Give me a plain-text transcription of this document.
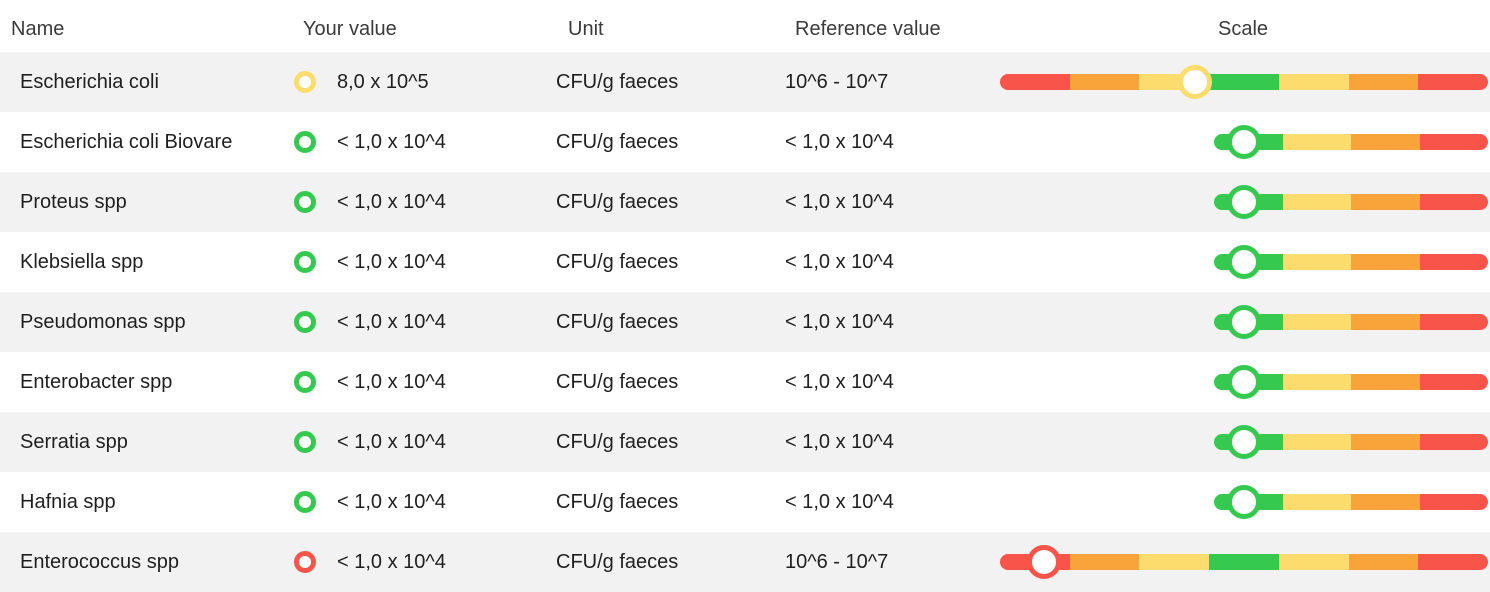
Name	Your value	Unit	Reference value	Scale
Escherichia coli	8,0 x 10^5	CFU/g faeces	10^6 - 10^7
Escherichia coli Biovare	< 1,0 x 10^4	CFU/g faeces	< 1,0 x 10^4
Proteus spp	< 1,0 x 10^4	CFU/g faeces	< 1,0 x 10^4
Klebsiella spp	< 1,0 x 10^4	CFU/g faeces	< 1,0 x 10^4
Pseudomonas spp	< 1,0 x 10^4	CFU/g faeces	< 1,0 x 10^4
Enterobacter spp	< 1,0 x 10^4	CFU/g faeces	< 1,0 x 10^4
Serratia spp	< 1,0 x 10^4	CFU/g faeces	< 1,0 x 10^4
Hafnia spp	< 1,0 x 10^4	CFU/g faeces	< 1,0 x 10^4
Enterococcus spp	< 1,0 x 10^4	CFU/g faeces	10^6 - 10^7
